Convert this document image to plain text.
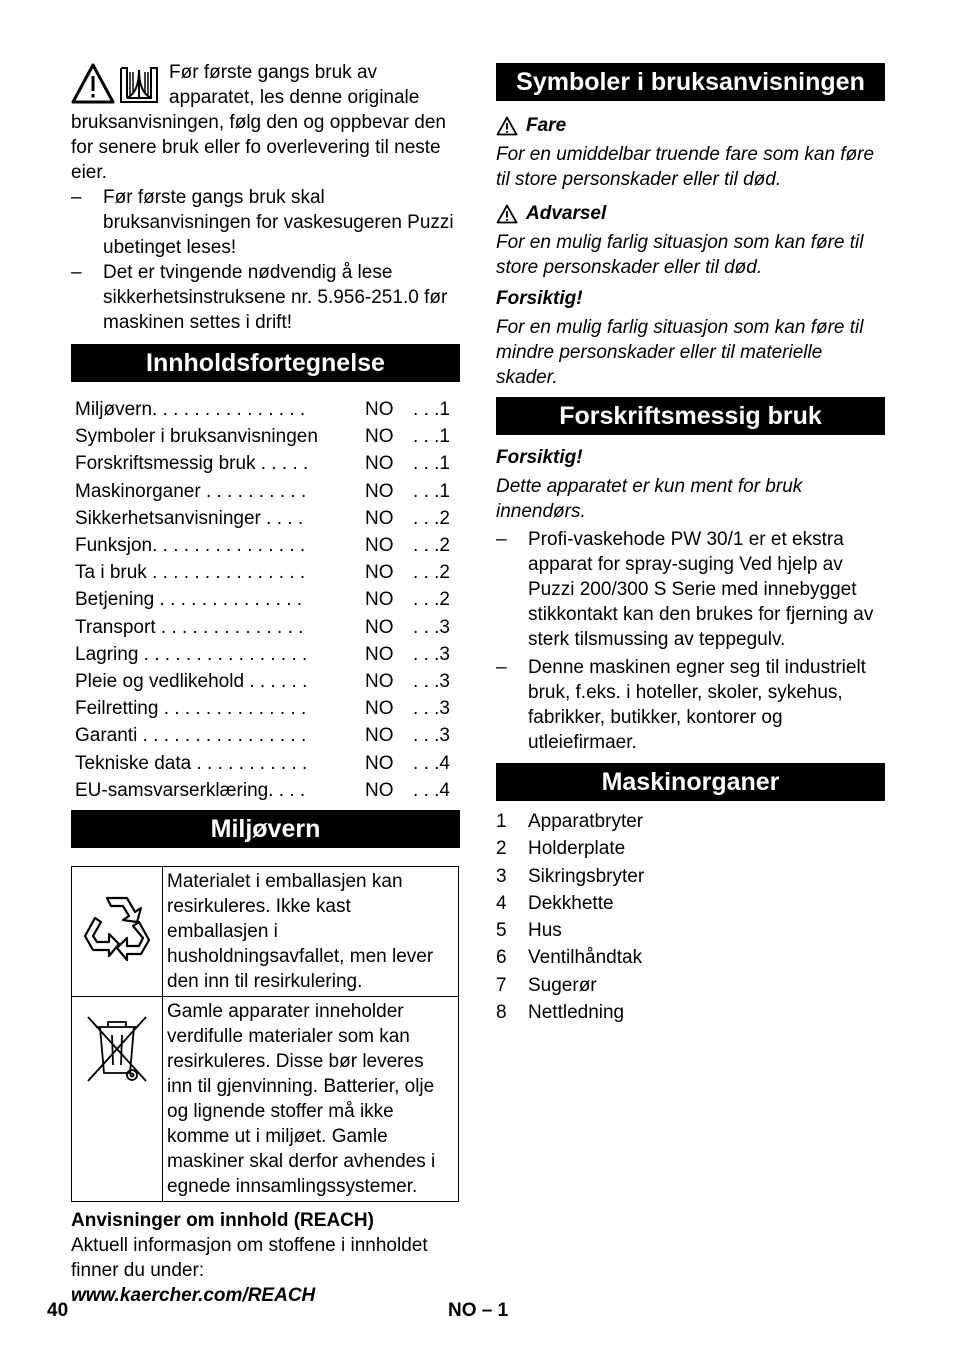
Før første gangs bruk av apparatet, les denne originale bruksanvisningen, følg den og oppbevar den for senere bruk eller fo overlevering til neste eier.

– Før første gangs bruk skal bruksanvisningen for vaskesugeren Puzzi ubetinget leses!
– Det er tvingende nødvendig å lese sikkerhetsinstruksene nr. 5.956-251.0 før maskinen settes i drift!
Innholdsfortegnelse
Miljøvern. . . . . . . . . . . . . . .	NO	. . .1
Symboler i bruksanvisningen	NO	. . .1
Forskriftsmessig bruk . . . . .	NO	. . .1
Maskinorganer . . . . . . . . . .	NO	. . .1
Sikkerhetsanvisninger . . . .	NO	. . .2
Funksjon. . . . . . . . . . . . . . .	NO	. . .2
Ta i bruk . . . . . . . . . . . . . . .	NO	. . .2
Betjening . . . . . . . . . . . . . .	NO	. . .2
Transport . . . . . . . . . . . . . .	NO	. . .3
Lagring . . . . . . . . . . . . . . . .	NO	. . .3
Pleie og vedlikehold . . . . . .	NO	. . .3
Feilretting . . . . . . . . . . . . . .	NO	. . .3
Garanti . . . . . . . . . . . . . . . .	NO	. . .3
Tekniske data . . . . . . . . . . .	NO	. . .4
EU-samsvarserklæring. . . .	NO	. . .4
Miljøvern
	Materialet i emballasjen kan resirkuleres. Ikke kast emballasjen i husholdningsavfallet, men lever den inn til resirkulering.
	Gamle apparater inneholder verdifulle materialer som kan resirkuleres. Disse bør leveres inn til gjenvinning. Batterier, olje og lignende stoffer må ikke komme ut i miljøet. Gamle maskiner skal derfor avhendes i egnede innsamlingssystemer.

Anvisninger om innhold (REACH)

Aktuell informasjon om stoffene i innholdet finner du under:

www.kaercher.com/REACH

Symboler i bruksanvisningen
Fare

For en umiddelbar truende fare som kan føre til store personskader eller til død.

Advarsel

For en mulig farlig situasjon som kan føre til store personskader eller til død.

Forsiktig!

For en mulig farlig situasjon som kan føre til mindre personskader eller til materielle skader.

Forskriftsmessig bruk

Forsiktig!

Dette apparatet er kun ment for bruk innendørs.

– Profi-vaskehode PW 30/1 er et ekstra apparat for spray-suging Ved hjelp av Puzzi 200/300 S Serie med innebygget stikkontakt kan den brukes for fjerning av sterk tilsmussing av teppegulv.
– Denne maskinen egner seg til industrielt bruk, f.eks. i hoteller, skoler, sykehus, fabrikker, butikker, kontorer og utleiefirmaer.
Maskinorganer
1	Apparatbryter
2	Holderplate
3	Sikringsbryter
4	Dekkhette
5	Hus
6	Ventilhåndtak
7	Sugerør
8	Nettledning
40	NO – 1
